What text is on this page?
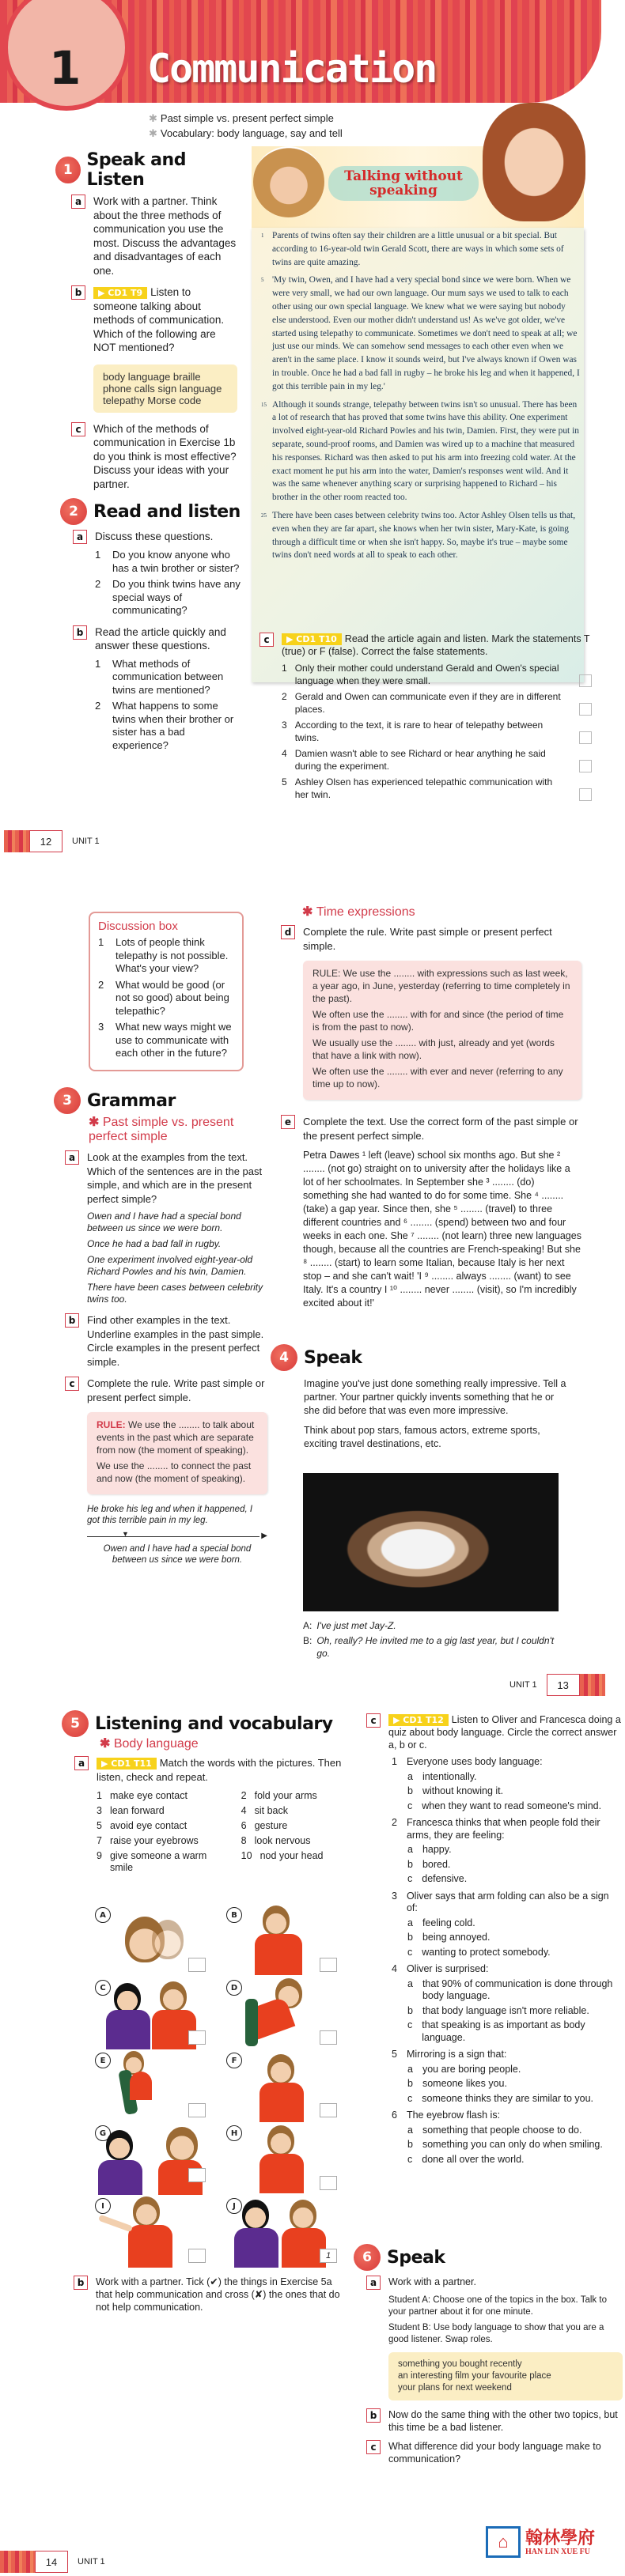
1 Communication
✱ Past simple vs. present perfect simple
✱ Vocabulary: body language, say and tell
1 Speak and Listen
a	Work with a partner. Think about the three methods of communication you use the most. Discuss the advantages and disadvantages of each one.
b	▶ CD1 T9 Listen to someone talking about methods of communication. Which of the following are NOT mentioned?
body language braille
phone calls sign language
telepathy Morse code
c	Which of the methods of communication in Exercise 1b do you think is most effective? Discuss your ideas with your partner.
2 Read and listen
a	Discuss these questions.
1	Do you know anyone who has a twin brother or sister?
2	Do you think twins have any special ways of communicating?
b	Read the article quickly and answer these questions.
1	What methods of communication between twins are mentioned?
2	What happens to some twins when their brother or sister has a bad experience?
Talking without speaking

1 Parents of twins often say their children are a little unusual or a bit special. But according to 16-year-old twin Gerald Scott, there are ways in which some sets of twins are quite amazing.

5 'My twin, Owen, and I have had a very special bond since we were born. When we were very small, we had our own language. Our mum says we used to talk to each other using our own special language. We knew what we were saying but nobody else understood. Even our mother didn't understand us! As we've got older, we've started using telepathy to communicate. Sometimes we don't need to speak at all; we just use our minds. We can somehow send messages to each other even when we aren't in the same place. I know it sounds weird, but I've always known if Owen was in trouble. Once he had a bad fall in rugby – he broke his leg and when it happened, I got this terrible pain in my leg.'

15 Although it sounds strange, telepathy between twins isn't so unusual. There has been a lot of research that has proved that some twins have this ability. One experiment involved eight-year-old Richard Powles and his twin, Damien. First, they were put in separate, sound-proof rooms, and Damien was wired up to a machine that measured his responses. Richard was then asked to put his arm into freezing cold water. At the exact moment he put his arm into the water, Damien's responses went wild. And it was the same whenever anything scary or surprising happened to Richard – his brother in the other room reacted too.

25 There have been cases between celebrity twins too. Actor Ashley Olsen tells us that, even when they are far apart, she knows when her twin sister, Mary-Kate, is going through a difficult time or when she isn't happy. So, maybe it's true – maybe some twins don't need words at all to speak to each other.

c	▶ CD1 T10 Read the article again and listen. Mark the statements T (true) or F (false). Correct the false statements.
1 Only their mother could understand Gerald and Owen's special language when they were small.
2 Gerald and Owen can communicate even if they are in different places.
3 According to the text, it is rare to hear of telepathy between twins.
4 Damien wasn't able to see Richard or hear anything he said during the experiment.
5 Ashley Olsen has experienced telepathic communication with her twin.
12	UNIT 1
Discussion box
1	Lots of people think telepathy is not possible. What's your view?
2	What would be good (or not so good) about being telepathic?
3	What new ways might we use to communicate with each other in the future?
3 Grammar
✱ Past simple vs. present perfect simple
a	Look at the examples from the text. Which of the sentences are in the past simple, and which are in the present perfect simple?
Owen and I have had a special bond between us since we were born.
Once he had a bad fall in rugby.
One experiment involved eight-year-old Richard Powles and his twin, Damien.
There have been cases between celebrity twins too.
b	Find other examples in the text. Underline examples in the past simple. Circle examples in the present perfect simple.
c	Complete the rule. Write past simple or present perfect simple.

RULE: We use the ........ to talk about events in the past which are separate from now (the moment of speaking).

We use the ........ to connect the past and now (the moment of speaking).

He broke his leg and when it happened, I got this terrible pain in my leg.
▶
▼
Owen and I have had a special bond between us since we were born.
✱ Time expressions
d	Complete the rule. Write past simple or present perfect simple.

RULE: We use the ........ with expressions such as last week, a year ago, in June, yesterday (referring to time completely in the past).

We often use the ........ with for and since (the period of time is from the past to now).

We usually use the ........ with just, already and yet (words that have a link with now).

We often use the ........ with ever and never (referring to any time up to now).

e	Complete the text. Use the correct form of the past simple or the present perfect simple.
Petra Dawes ¹ left (leave) school six months ago. But she ² ........ (not go) straight on to university after the holidays like a lot of her schoolmates. In September she ³ ........ (do) something she had wanted to do for some time. She ⁴ ........ (take) a gap year. Since then, she ⁵ ........ (travel) to three different countries and ⁶ ........ (spend) between two and four weeks in each one. She ⁷ ........ (not learn) three new languages though, because all the countries are French-speaking! But she ⁸ ........ (start) to learn some Italian, because Italy is her next stop – and she can't wait! 'I ⁹ ........ always ........ (want) to see Italy. It's a country I ¹⁰ ........ never ........ (visit), so I'm incredibly excited about it!'
4 Speak

Imagine you've just done something really impressive. Tell a partner. Your partner quickly invents something that he or she did before that was even more impressive.

Think about pop stars, famous actors, extreme sports, exciting travel destinations, etc.

A: I've just met Jay-Z.
B: Oh, really? He invited me to a gig last year, but I couldn't go.
UNIT 1	13
5 Listening and vocabulary
✱ Body language
a	▶ CD1 T11 Match the words with the pictures. Then listen, check and repeat.
1 make eye contact	2 fold your arms
3 lean forward	4 sit back
5 avoid eye contact	6 gesture
7 raise your eyebrows	8 look nervous
9 give someone a warm smile
10 nod your head
A	B
C	D
E	F
G	H
I	J
1
b	Work with a partner. Tick (✔) the things in Exercise 5a that help communication and cross (✘) the ones that do not help communication.
14	UNIT 1
c	▶ CD1 T12 Listen to Oliver and Francesca doing a quiz about body language. Circle the correct answer a, b or c.
1 Everyone uses body language:
a intentionally.
b without knowing it.
c when they want to read someone's mind.
2 Francesca thinks that when people fold their arms, they are feeling:
a happy.
b bored.
c defensive.
3 Oliver says that arm folding can also be a sign of:
a feeling cold.
b being annoyed.
c wanting to protect somebody.
4 Oliver is surprised:
a that 90% of communication is done through body language.
b that body language isn't more reliable.
c that speaking is as important as body language.
5 Mirroring is a sign that:
a you are boring people.
b someone likes you.
c someone thinks they are similar to you.
6 The eyebrow flash is:
a something that people choose to do.
b something you can only do when smiling.
c done all over the world.
6 Speak
a	Work with a partner.

Student A: Choose one of the topics in the box. Talk to your partner about it for one minute.

Student B: Use body language to show that you are a good listener. Swap roles.

something you bought recently
an interesting film your favourite place
your plans for next weekend
b	Now do the same thing with the other two topics, but this time be a bad listener.
c	What difference did your body language make to communication?
⌂ 翰林學府
HAN LIN XUE FU
